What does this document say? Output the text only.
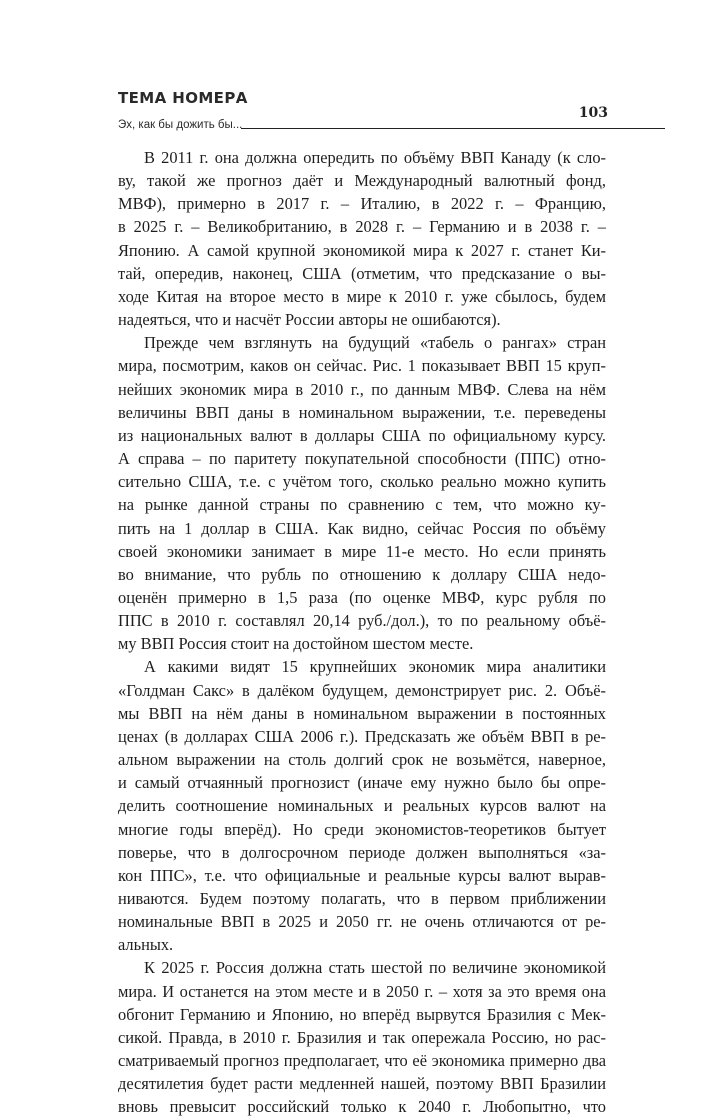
ТЕМА НОМЕРА
Эх, как бы дожить бы...
103
В 2011 г. она должна опередить по объёму ВВП Канаду (к сло-
ву, такой же прогноз даёт и Международный валютный фонд,
МВФ), примерно в 2017 г. – Италию, в 2022 г. – Францию,
в 2025 г. – Великобританию, в 2028 г. – Германию и в 2038 г. –
Японию. А самой крупной экономикой мира к 2027 г. станет Ки-
тай, опередив, наконец, США (отметим, что предсказание о вы-
ходе Китая на второе место в мире к 2010 г. уже сбылось, будем
надеяться, что и насчёт России авторы не ошибаются).
Прежде чем взглянуть на будущий «табель о рангах» стран
мира, посмотрим, каков он сейчас. Рис. 1 показывает ВВП 15 круп-
нейших экономик мира в 2010 г., по данным МВФ. Слева на нём
величины ВВП даны в номинальном выражении, т.е. переведены
из национальных валют в доллары США по официальному курсу.
А справа – по паритету покупательной способности (ППС) отно-
сительно США, т.е. с учётом того, сколько реально можно купить
на рынке данной страны по сравнению с тем, что можно ку-
пить на 1 доллар в США. Как видно, сейчас Россия по объёму
своей экономики занимает в мире 11-е место. Но если принять
во внимание, что рубль по отношению к доллару США недо-
оценён примерно в 1,5 раза (по оценке МВФ, курс рубля по
ППС в 2010 г. составлял 20,14 руб./дол.), то по реальному объё-
му ВВП Россия стоит на достойном шестом месте.
А какими видят 15 крупнейших экономик мира аналитики
«Голдман Сакс» в далёком будущем, демонстрирует рис. 2. Объё-
мы ВВП на нём даны в номинальном выражении в постоянных
ценах (в долларах США 2006 г.). Предсказать же объём ВВП в ре-
альном выражении на столь долгий срок не возьмётся, наверное,
и самый отчаянный прогнозист (иначе ему нужно было бы опре-
делить соотношение номинальных и реальных курсов валют на
многие годы вперёд). Но среди экономистов-теоретиков бытует
поверье, что в долгосрочном периоде должен выполняться «за-
кон ППС», т.е. что официальные и реальные курсы валют вырав-
ниваются. Будем поэтому полагать, что в первом приближении
номинальные ВВП в 2025 и 2050 гг. не очень отличаются от ре-
альных.
К 2025 г. Россия должна стать шестой по величине экономикой
мира. И останется на этом месте и в 2050 г. – хотя за это время она
обгонит Германию и Японию, но вперёд вырвутся Бразилия с Мек-
сикой. Правда, в 2010 г. Бразилия и так опережала Россию, но рас-
сматриваемый прогноз предполагает, что её экономика примерно два
десятилетия будет расти медленней нашей, поэтому ВВП Бразилии
вновь превысит российский только к 2040 г. Любопытно, что
